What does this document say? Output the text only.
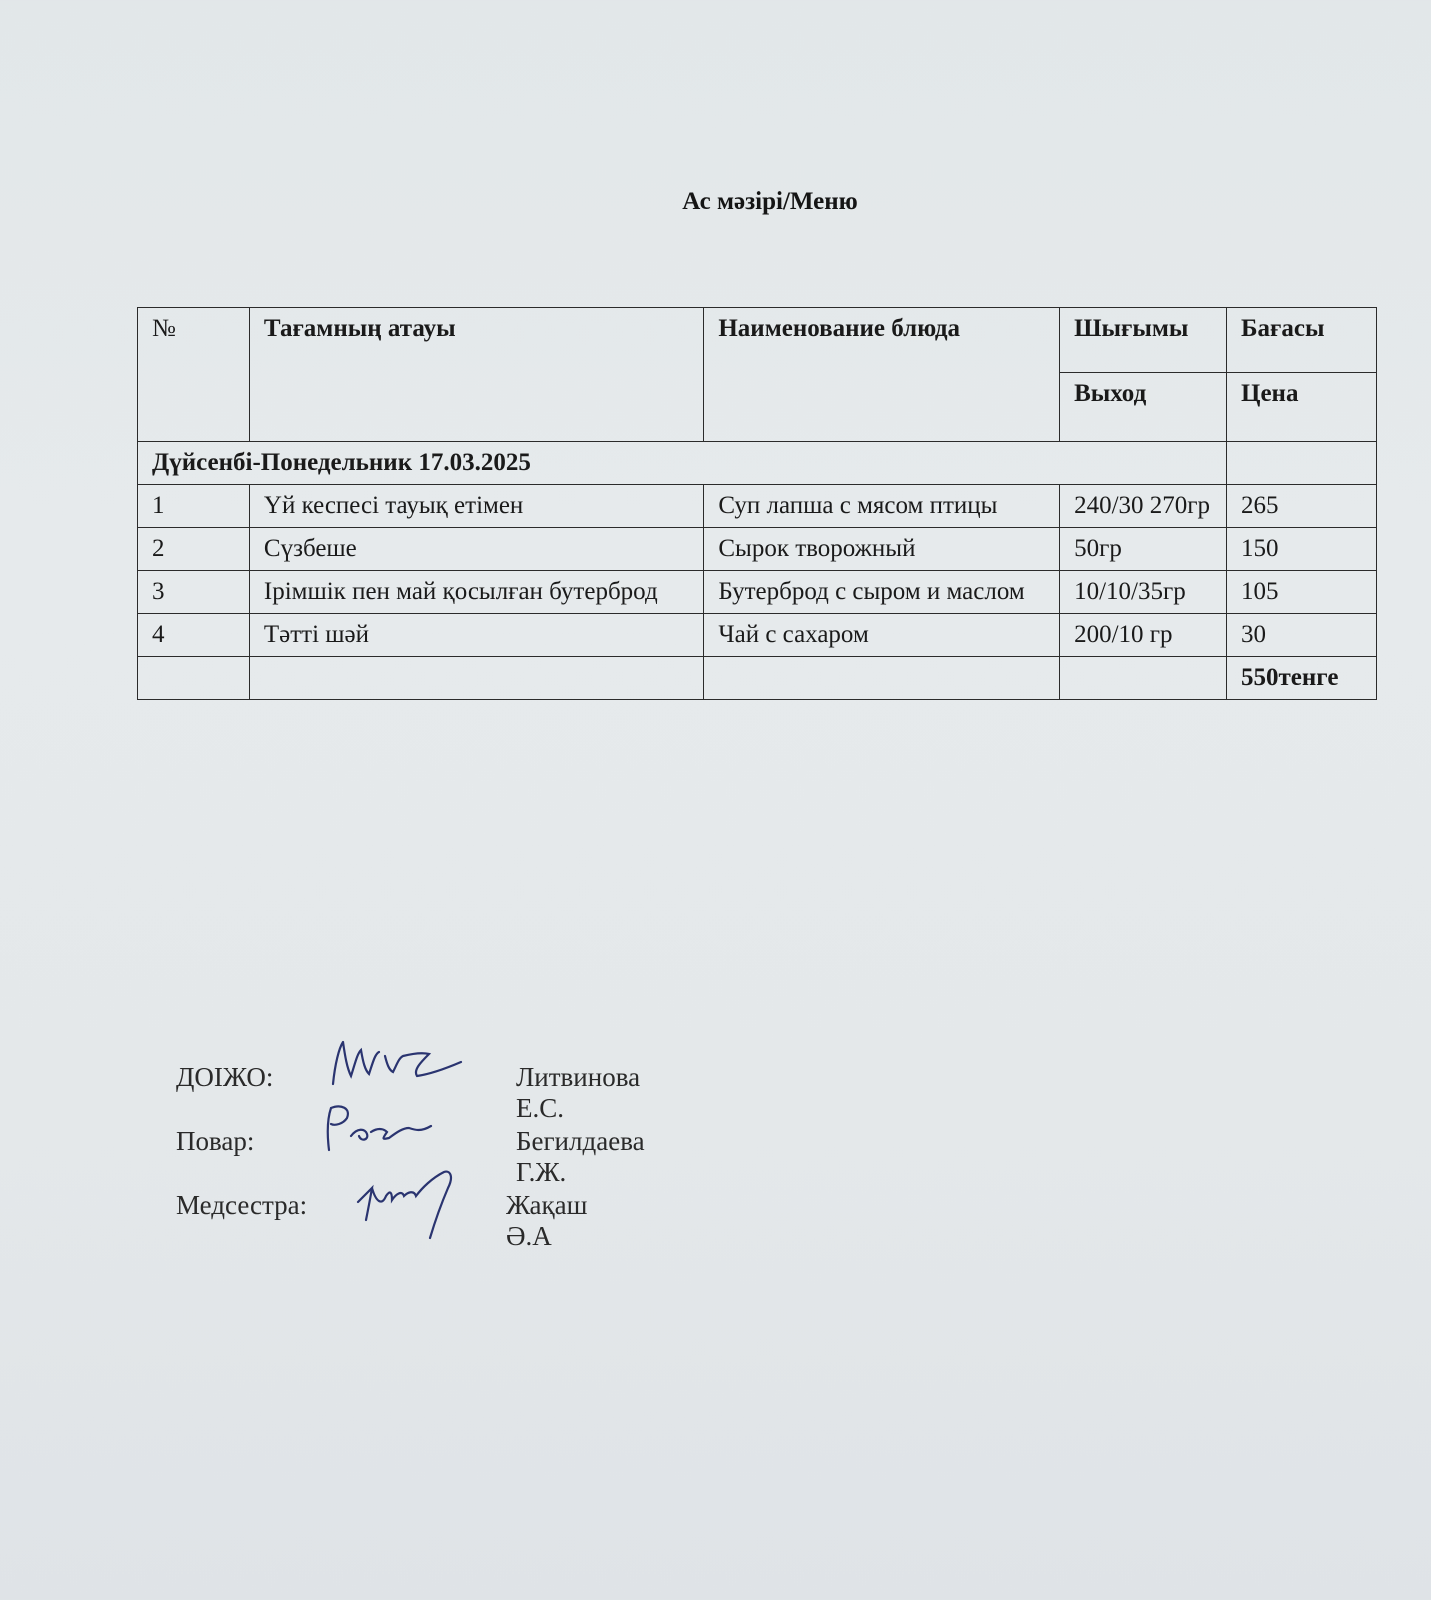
Ас мәзірі/Меню
№	Тағамның атауы	Наименование блюда	Шығымы	Бағасы
			Выход	Цена
Дүйсенбі-Понедельник 17.03.2025				
1	Үй кеспесі тауық етімен	Суп лапша с мясом птицы	240/30 270гр	265
2	Сүзбеше	Сырок творожный	50гр	150
3	Ірімшік пен май қосылған бутерброд	Бутерброд с сыром и маслом	10/10/35гр	105
4	Тәтті шәй	Чай с сахаром	200/10 гр	30
				550тенге
ДОІЖО:	Литвинова Е.С.
Повар:	Бегилдаева Г.Ж.
Медсестра:	Жақаш Ә.А
